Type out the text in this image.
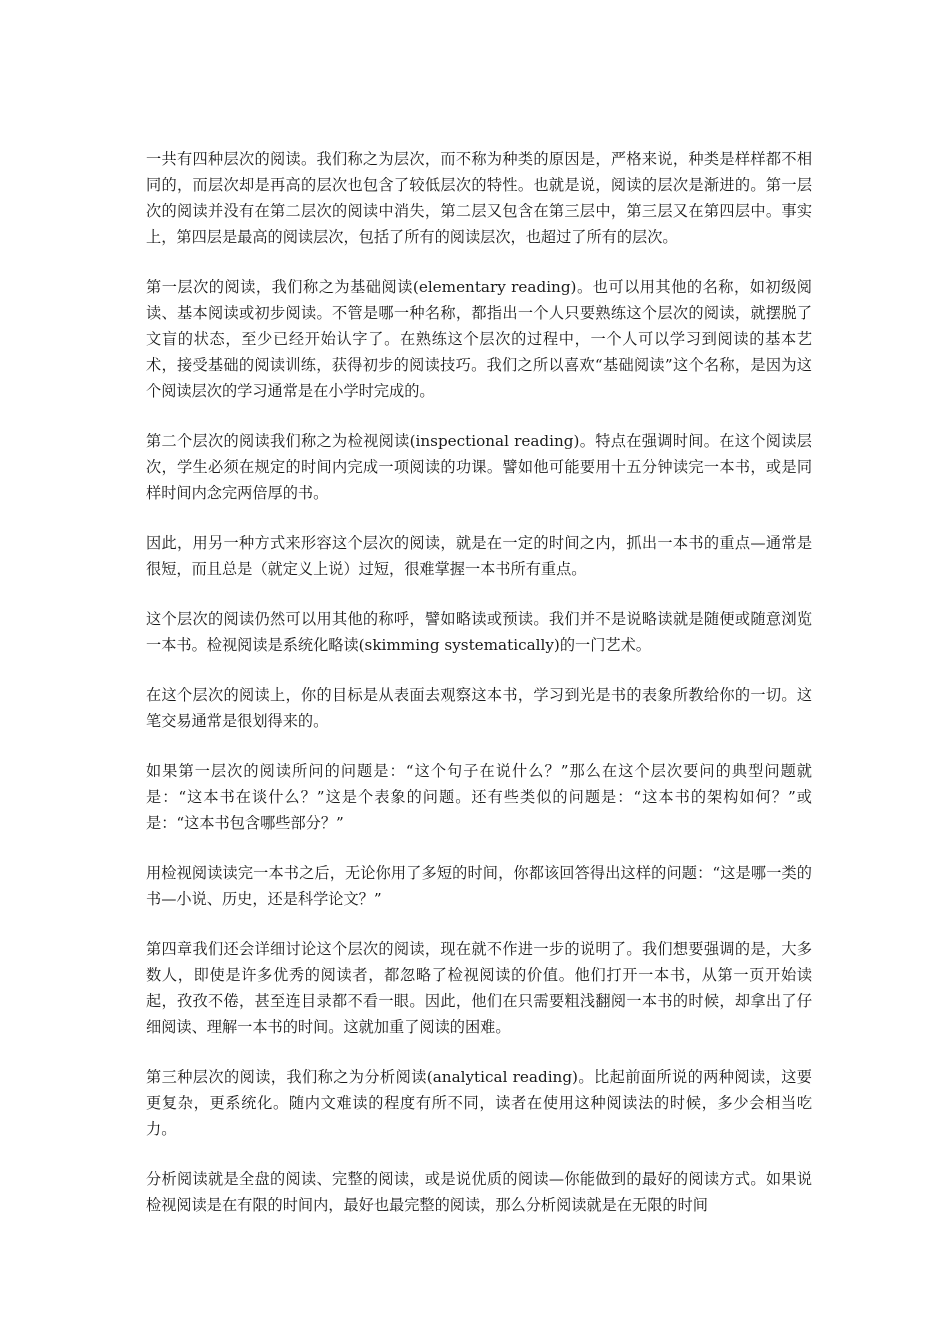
一共有四种层次的阅读。我们称之为层次，而不称为种类的原因是，严格来说，种类是样样都不相同的，而层次却是再高的层次也包含了较低层次的特性。也就是说，阅读的层次是渐进的。第一层次的阅读并没有在第二层次的阅读中消失，第二层又包含在第三层中，第三层又在第四层中。事实上，第四层是最高的阅读层次，包括了所有的阅读层次，也超过了所有的层次。

第一层次的阅读，我们称之为基础阅读(elementary reading)。也可以用其他的名称，如初级阅读、基本阅读或初步阅读。不管是哪一种名称，都指出一个人只要熟练这个层次的阅读，就摆脱了文盲的状态，至少已经开始认字了。在熟练这个层次的过程中，一个人可以学习到阅读的基本艺术，接受基础的阅读训练，获得初步的阅读技巧。我们之所以喜欢“基础阅读”这个名称，是因为这个阅读层次的学习通常是在小学时完成的。

第二个层次的阅读我们称之为检视阅读(inspectional reading)。特点在强调时间。在这个阅读层次，学生必须在规定的时间内完成一项阅读的功课。譬如他可能要用十五分钟读完一本书，或是同样时间内念完两倍厚的书。

因此，用另一种方式来形容这个层次的阅读，就是在一定的时间之内，抓出一本书的重点—通常是很短，而且总是（就定义上说）过短，很难掌握一本书所有重点。

这个层次的阅读仍然可以用其他的称呼，譬如略读或预读。我们并不是说略读就是随便或随意浏览一本书。检视阅读是系统化略读(skimming systematically)的一门艺术。

在这个层次的阅读上，你的目标是从表面去观察这本书，学习到光是书的表象所教给你的一切。这笔交易通常是很划得来的。

如果第一层次的阅读所问的问题是：“这个句子在说什么？”那么在这个层次要问的典型问题就是：“这本书在谈什么？”这是个表象的问题。还有些类似的问题是：“这本书的架构如何？”或是：“这本书包含哪些部分？”

用检视阅读读完一本书之后，无论你用了多短的时间，你都该回答得出这样的问题：“这是哪一类的书—小说、历史，还是科学论文？”

第四章我们还会详细讨论这个层次的阅读，现在就不作进一步的说明了。我们想要强调的是，大多数人，即使是许多优秀的阅读者，都忽略了检视阅读的价值。他们打开一本书，从第一页开始读起，孜孜不倦，甚至连目录都不看一眼。因此，他们在只需要粗浅翻阅一本书的时候，却拿出了仔细阅读、理解一本书的时间。这就加重了阅读的困难。

第三种层次的阅读，我们称之为分析阅读(analytical reading)。比起前面所说的两种阅读，这要更复杂，更系统化。随内文难读的程度有所不同，读者在使用这种阅读法的时候，多少会相当吃力。

分析阅读就是全盘的阅读、完整的阅读，或是说优质的阅读—你能做到的最好的阅读方式。如果说检视阅读是在有限的时间内，最好也最完整的阅读，那么分析阅读就是在无限的时间
